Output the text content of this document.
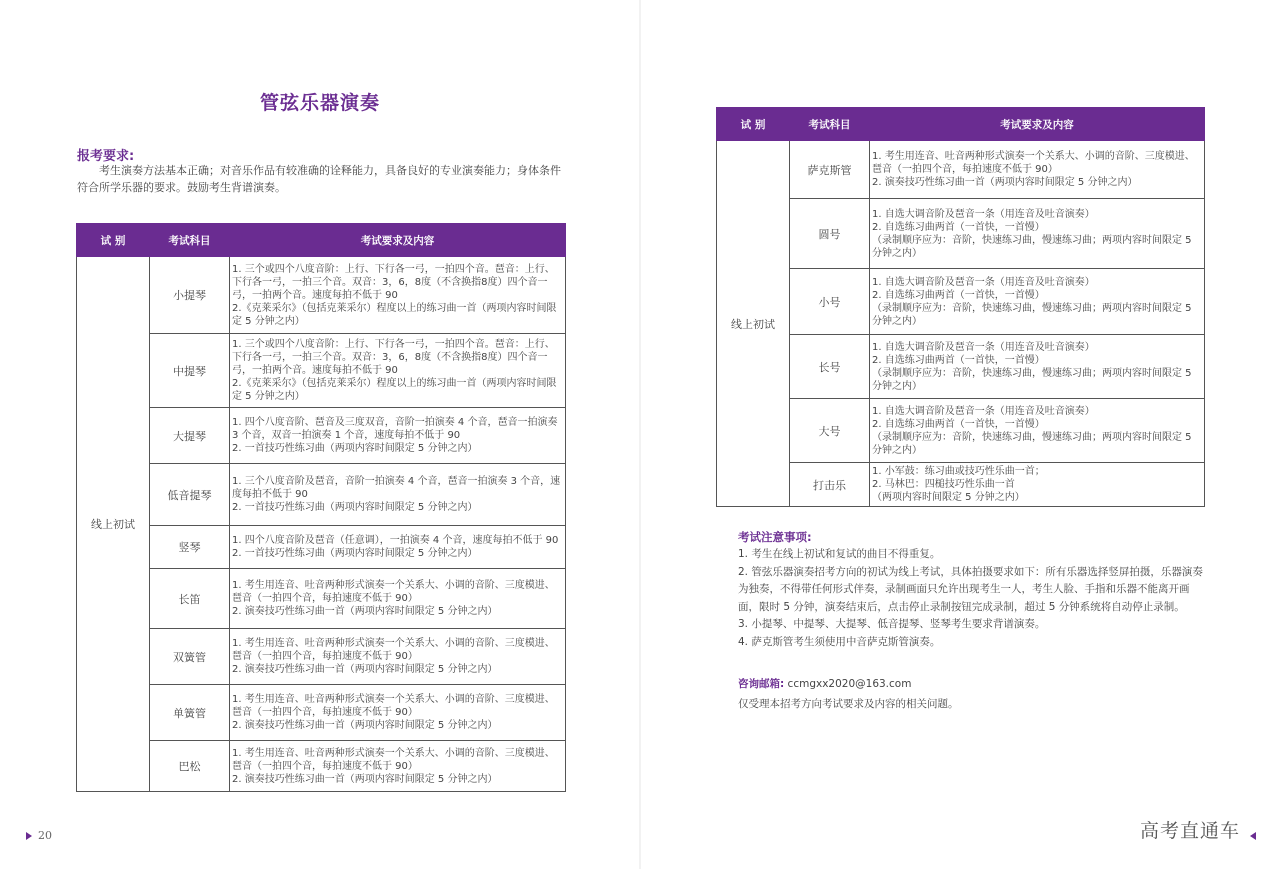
管弦乐器演奏
报考要求:
考生演奏方法基本正确；对音乐作品有较准确的诠释能力，具备良好的专业演奏能力；身体条件符合所学乐器的要求。鼓励考生背谱演奏。
试 别	考试科目	考试要求及内容
线上初试	小提琴	1. 三个或四个八度音阶：上行、下行各一弓，一拍四个音。琶音：上行、下行各一弓，一拍三个音。双音：3，6，8度（不含换指8度）四个音一弓，一拍两个音。速度每拍不低于 90
2.《克莱采尔》（包括克莱采尔）程度以上的练习曲一首（两项内容时间限定 5 分钟之内）

	中提琴	1. 三个或四个八度音阶：上行、下行各一弓，一拍四个音。琶音：上行、下行各一弓，一拍三个音。双音：3，6，8度（不含换指8度）四个音一弓，一拍两个音。速度每拍不低于 90
2.《克莱采尔》（包括克莱采尔）程度以上的练习曲一首（两项内容时间限定 5 分钟之内）

	大提琴	1. 四个八度音阶、琶音及三度双音，音阶一拍演奏 4 个音，琶音一拍演奏 3 个音，双音一拍演奏 1 个音，速度每拍不低于 90
2. 一首技巧性练习曲（两项内容时间限定 5 分钟之内）

	低音提琴	1. 三个八度音阶及琶音，音阶一拍演奏 4 个音，琶音一拍演奏 3 个音，速度每拍不低于 90
2. 一首技巧性练习曲（两项内容时间限定 5 分钟之内）

	竖琴	1. 四个八度音阶及琶音（任意调），一拍演奏 4 个音，速度每拍不低于 90
2. 一首技巧性练习曲（两项内容时间限定 5 分钟之内）

	长笛	1. 考生用连音、吐音两种形式演奏一个关系大、小调的音阶、三度模进、琶音（一拍四个音，每拍速度不低于 90）
2. 演奏技巧性练习曲一首（两项内容时间限定 5 分钟之内）

	双簧管	1. 考生用连音、吐音两种形式演奏一个关系大、小调的音阶、三度模进、琶音（一拍四个音，每拍速度不低于 90）
2. 演奏技巧性练习曲一首（两项内容时间限定 5 分钟之内）

	单簧管	1. 考生用连音、吐音两种形式演奏一个关系大、小调的音阶、三度模进、琶音（一拍四个音，每拍速度不低于 90）
2. 演奏技巧性练习曲一首（两项内容时间限定 5 分钟之内）

	巴松	1. 考生用连音、吐音两种形式演奏一个关系大、小调的音阶、三度模进、琶音（一拍四个音，每拍速度不低于 90）
2. 演奏技巧性练习曲一首（两项内容时间限定 5 分钟之内）
20
试 别	考试科目	考试要求及内容
线上初试	萨克斯管	1. 考生用连音、吐音两种形式演奏一个关系大、小调的音阶、三度模进、琶音（一拍四个音，每拍速度不低于 90）
2. 演奏技巧性练习曲一首（两项内容时间限定 5 分钟之内）

	圆号	1. 自选大调音阶及琶音一条（用连音及吐音演奏）
2. 自选练习曲两首（一首快，一首慢）
（录制顺序应为：音阶，快速练习曲，慢速练习曲；两项内容时间限定 5 分钟之内）

	小号	1. 自选大调音阶及琶音一条（用连音及吐音演奏）
2. 自选练习曲两首（一首快，一首慢）
（录制顺序应为：音阶，快速练习曲，慢速练习曲；两项内容时间限定 5 分钟之内）

	长号	1. 自选大调音阶及琶音一条（用连音及吐音演奏）
2. 自选练习曲两首（一首快，一首慢）
（录制顺序应为：音阶，快速练习曲，慢速练习曲；两项内容时间限定 5 分钟之内）

	大号	1. 自选大调音阶及琶音一条（用连音及吐音演奏）
2. 自选练习曲两首（一首快，一首慢）
（录制顺序应为：音阶，快速练习曲，慢速练习曲；两项内容时间限定 5 分钟之内）

	打击乐	1. 小军鼓：练习曲或技巧性乐曲一首；
2. 马林巴：四槌技巧性乐曲一首
（两项内容时间限定 5 分钟之内）
考试注意事项:
1. 考生在线上初试和复试的曲目不得重复。
2. 管弦乐器演奏招考方向的初试为线上考试，具体拍摄要求如下：所有乐器选择竖屏拍摄，乐器演奏为独奏，不得带任何形式伴奏，录制画面只允许出现考生一人，考生人脸、手指和乐器不能离开画面，限时 5 分钟，演奏结束后，点击停止录制按钮完成录制，超过 5 分钟系统将自动停止录制。
3. 小提琴、中提琴、大提琴、低音提琴、竖琴考生要求背谱演奏。
4. 萨克斯管考生须使用中音萨克斯管演奏。
咨询邮箱: ccmgxx2020@163.com
仅受理本招考方向考试要求及内容的相关问题。
高考直通车
